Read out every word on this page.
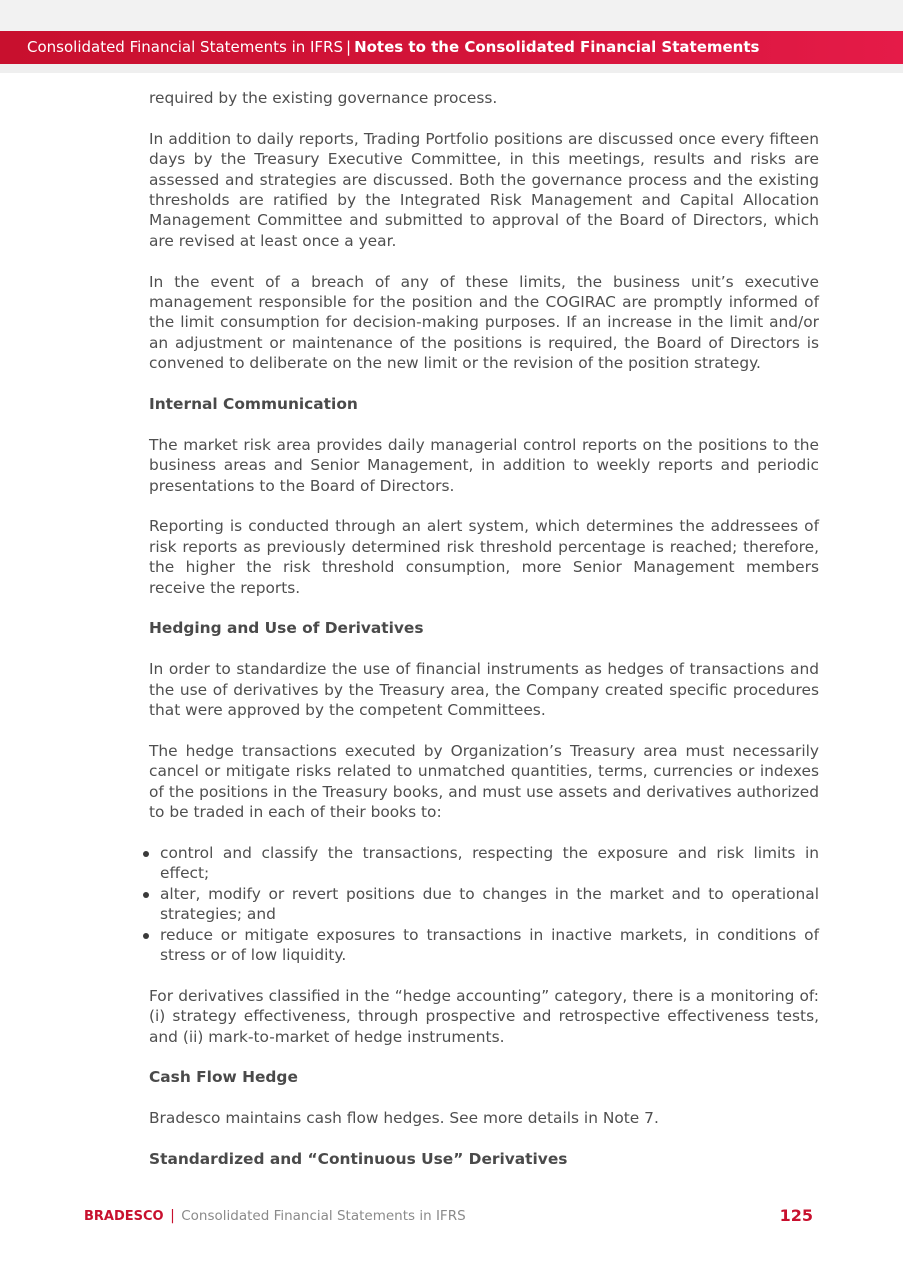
Consolidated Financial Statements in IFRS | Notes to the Consolidated Financial Statements

required by the existing governance process.

In addition to daily reports, Trading Portfolio positions are discussed once every fifteen days by the Treasury Executive Committee, in this meetings, results and risks are assessed and strategies are discussed. Both the governance process and the existing thresholds are ratified by the Integrated Risk Management and Capital Allocation Management Committee and submitted to approval of the Board of Directors, which are revised at least once a year.

In the event of a breach of any of these limits, the business unit’s executive management responsible for the position and the COGIRAC are promptly informed of the limit consumption for decision-making purposes. If an increase in the limit and/or an adjustment or maintenance of the positions is required, the Board of Directors is convened to deliberate on the new limit or the revision of the position strategy.

Internal Communication

The market risk area provides daily managerial control reports on the positions to the business areas and Senior Management, in addition to weekly reports and periodic presentations to the Board of Directors.

Reporting is conducted through an alert system, which determines the addressees of risk reports as previously determined risk threshold percentage is reached; therefore, the higher the risk threshold consumption, more Senior Management members receive the reports.

Hedging and Use of Derivatives

In order to standardize the use of financial instruments as hedges of transactions and the use of derivatives by the Treasury area, the Company created specific procedures that were approved by the competent Committees.

The hedge transactions executed by Organization’s Treasury area must necessarily cancel or mitigate risks related to unmatched quantities, terms, currencies or indexes of the positions in the Treasury books, and must use assets and derivatives authorized to be traded in each of their books to:

control and classify the transactions, respecting the exposure and risk limits in effect;
alter, modify or revert positions due to changes in the market and to operational strategies; and
reduce or mitigate exposures to transactions in inactive markets, in conditions of stress or of low liquidity.

For derivatives classified in the “hedge accounting” category, there is a monitoring of: (i) strategy effectiveness, through prospective and retrospective effectiveness tests, and (ii) mark-to-market of hedge instruments.

Cash Flow Hedge

Bradesco maintains cash flow hedges. See more details in Note 7.

Standardized and “Continuous Use” Derivatives
BRADESCO | Consolidated Financial Statements in IFRS	125
